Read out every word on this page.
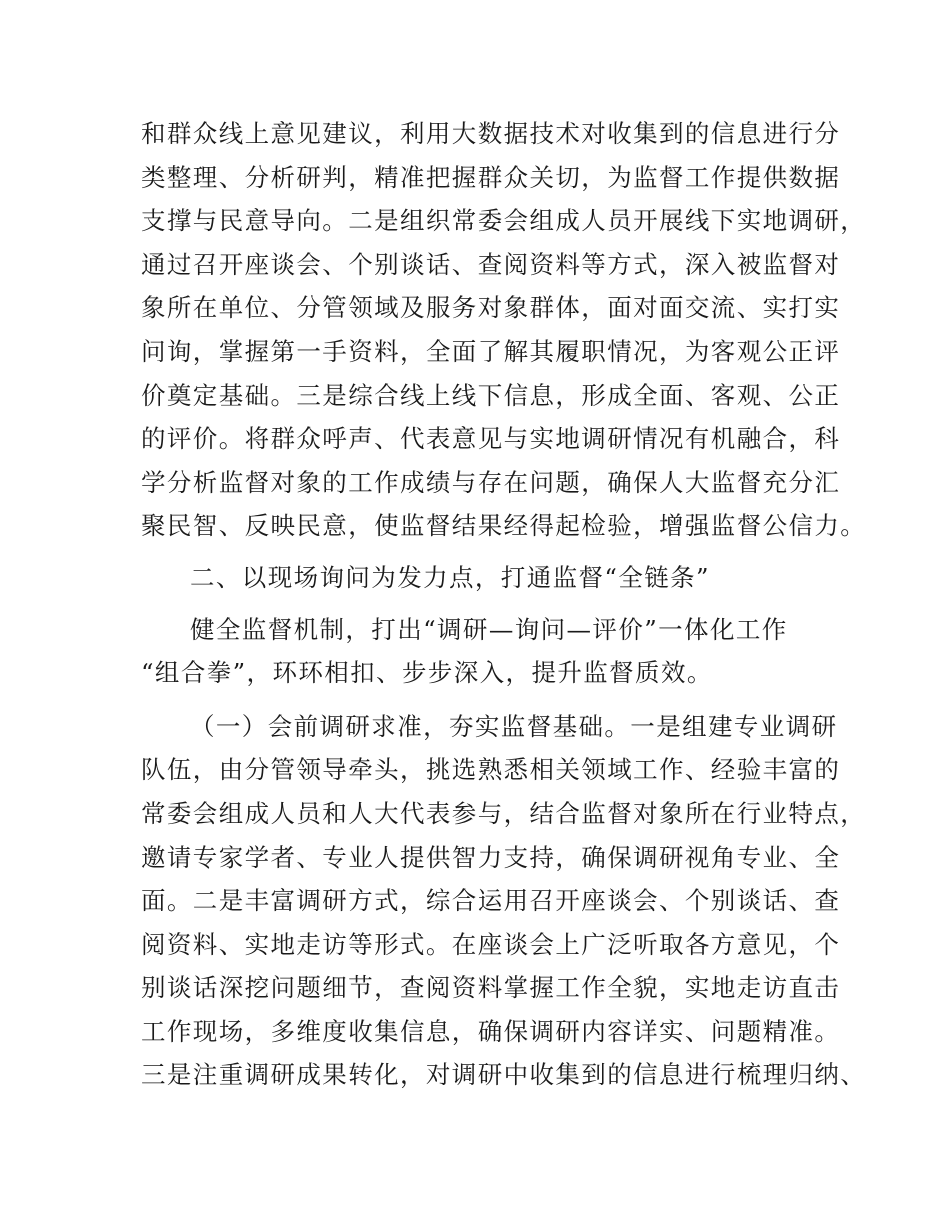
和群众线上意见建议，利用大数据技术对收集到的信息进行分
类整理、分析研判，精准把握群众关切，为监督工作提供数据
支撑与民意导向。二是组织常委会组成人员开展线下实地调研，
通过召开座谈会、个别谈话、查阅资料等方式，深入被监督对
象所在单位、分管领域及服务对象群体，面对面交流、实打实
问询，掌握第一手资料，全面了解其履职情况，为客观公正评
价奠定基础。三是综合线上线下信息，形成全面、客观、公正
的评价。将群众呼声、代表意见与实地调研情况有机融合，科
学分析监督对象的工作成绩与存在问题，确保人大监督充分汇
聚民智、反映民意，使监督结果经得起检验，增强监督公信力。
二、以现场询问为发力点，打通监督“全链条”
健全监督机制，打出“调研—询问—评价”一体化工作
“组合拳”，环环相扣、步步深入，提升监督质效。
（一）会前调研求准，夯实监督基础。一是组建专业调研
队伍，由分管领导牵头，挑选熟悉相关领域工作、经验丰富的
常委会组成人员和人大代表参与，结合监督对象所在行业特点，
邀请专家学者、专业人提供智力支持，确保调研视角专业、全
面。二是丰富调研方式，综合运用召开座谈会、个别谈话、查
阅资料、实地走访等形式。在座谈会上广泛听取各方意见，个
别谈话深挖问题细节，查阅资料掌握工作全貌，实地走访直击
工作现场，多维度收集信息，确保调研内容详实、问题精准。
三是注重调研成果转化，对调研中收集到的信息进行梳理归纳、
